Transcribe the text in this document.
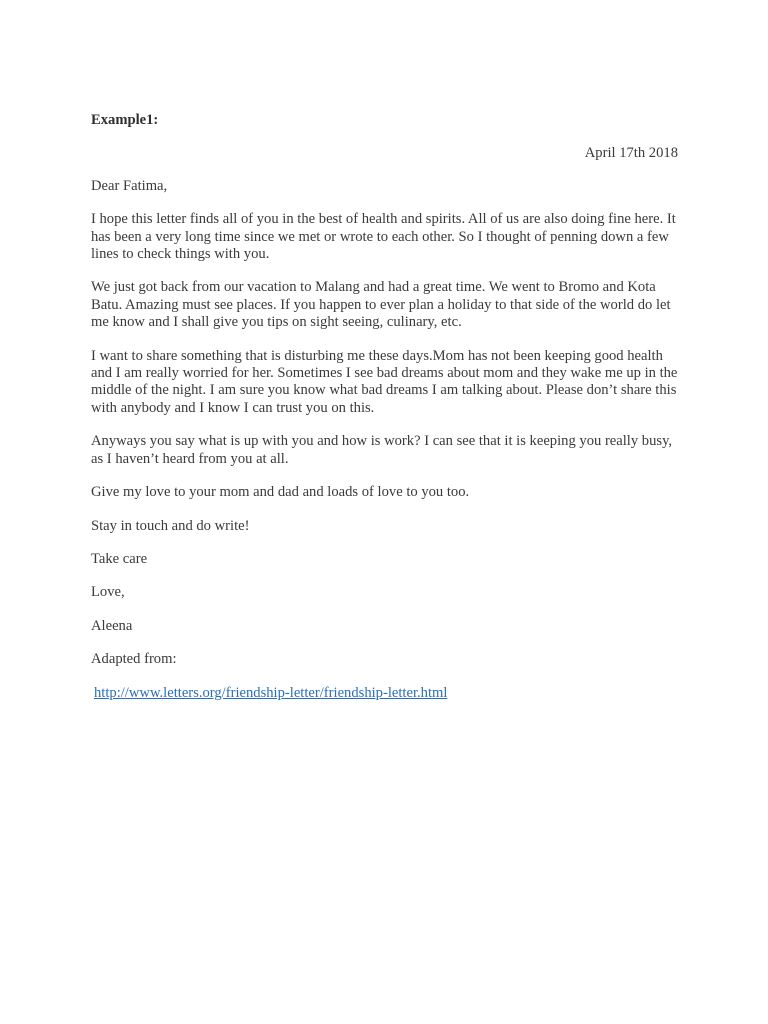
Example1:
April 17th 2018
Dear Fatima,
I hope this letter finds all of you in the best of health and spirits. All of us are also doing fine here. It has been a very long time since we met or wrote to each other. So I thought of penning down a few lines to check things with you.
We just got back from our vacation to Malang and had a great time. We went to Bromo and Kota Batu. Amazing must see places. If you happen to ever plan a holiday to that side of the world do let me know and I shall give you tips on sight seeing, culinary, etc.
I want to share something that is disturbing me these days.Mom has not been keeping good health and I am really worried for her. Sometimes I see bad dreams about mom and they wake me up in the middle of the night. I am sure you know what bad dreams I am talking about. Please don’t share this with anybody and I know I can trust you on this.
Anyways you say what is up with you and how is work? I can see that it is keeping you really busy, as I haven’t heard from you at all.
Give my love to your mom and dad and loads of love to you too.
Stay in touch and do write!
Take care
Love,
Aleena
Adapted from:
http://www.letters.org/friendship-letter/friendship-letter.html
